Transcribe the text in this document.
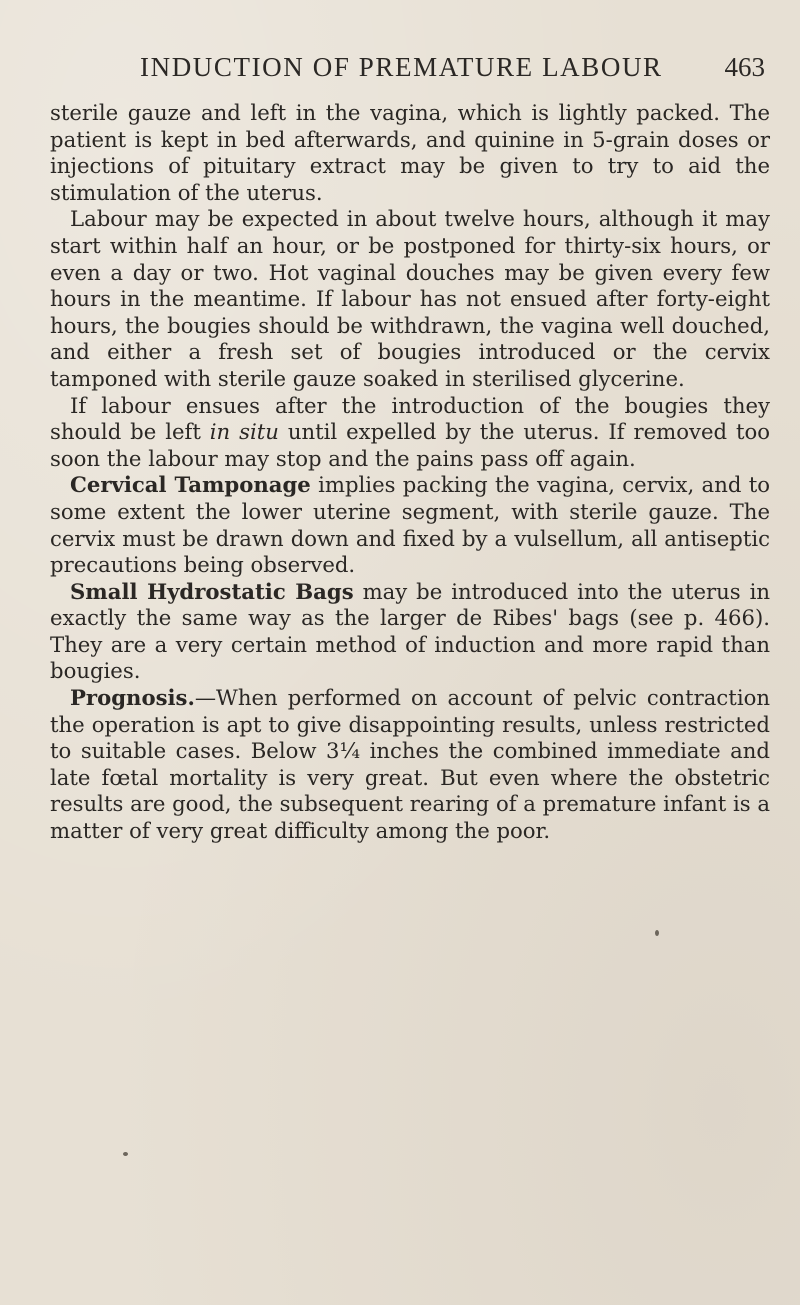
INDUCTION OF PREMATURE LABOUR 463

sterile gauze and left in the vagina, which is lightly packed. The patient is kept in bed afterwards, and quinine in 5-grain doses or injections of pituitary extract may be given to try to aid the stimulation of the uterus.

Labour may be expected in about twelve hours, although it may start within half an hour, or be postponed for thirty-six hours, or even a day or two. Hot vaginal douches may be given every few hours in the meantime. If labour has not ensued after forty-eight hours, the bougies should be withdrawn, the vagina well douched, and either a fresh set of bougies introduced or the cervix tamponed with sterile gauze soaked in sterilised glycerine.

If labour ensues after the introduction of the bougies they should be left in situ until expelled by the uterus. If removed too soon the labour may stop and the pains pass off again.

Cervical Tamponage implies packing the vagina, cervix, and to some extent the lower uterine segment, with sterile gauze. The cervix must be drawn down and fixed by a vulsellum, all antiseptic precautions being observed.

Small Hydrostatic Bags may be introduced into the uterus in exactly the same way as the larger de Ribes' bags (see p. 466). They are a very certain method of induction and more rapid than bougies.

Prognosis.—When performed on account of pelvic contraction the operation is apt to give disappointing results, unless restricted to suitable cases. Below 3¼ inches the combined immediate and late fœtal mortality is very great. But even where the obstetric results are good, the subsequent rearing of a premature infant is a matter of very great difficulty among the poor.
